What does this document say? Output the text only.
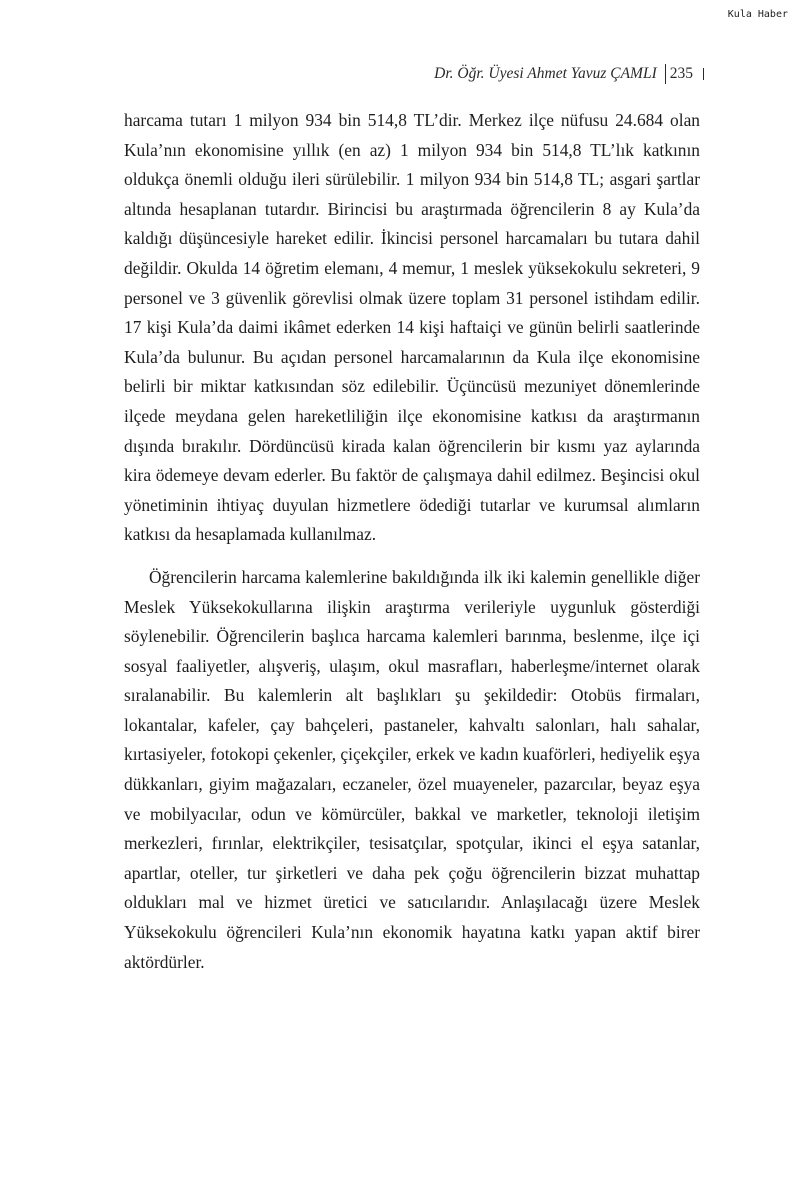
Kula Haber
Dr. Öğr. Üyesi Ahmet Yavuz ÇAMLI 235

harcama tutarı 1 milyon 934 bin 514,8 TL’dir. Merkez ilçe nüfusu 24.684 olan Kula’nın ekonomisine yıllık (en az) 1 milyon 934 bin 514,8 TL’lık katkının oldukça önemli olduğu ileri sürülebilir. 1 milyon 934 bin 514,8 TL; asgari şartlar altında hesaplanan tutardır. Birincisi bu araştırmada öğrencilerin 8 ay Kula’da kaldığı düşüncesiyle hareket edilir. İkincisi personel harcamaları bu tutara dahil değildir. Okulda 14 öğretim elemanı, 4 memur, 1 meslek yüksekokulu sekreteri, 9 personel ve 3 güvenlik görevlisi olmak üzere toplam 31 personel istihdam edilir. 17 kişi Kula’da daimi ikâmet ederken 14 kişi haftaiçi ve günün belirli saatlerinde Kula’da bulunur. Bu açıdan personel harcamalarının da Kula ilçe ekonomisine belirli bir miktar katkısından söz edilebilir. Üçüncüsü mezuniyet dönemlerinde ilçede meydana gelen hareketliliğin ilçe ekonomisine katkısı da araştırmanın dışında bırakılır. Dördüncüsü kirada kalan öğrencilerin bir kısmı yaz aylarında kira ödemeye devam ederler. Bu faktör de çalışmaya dahil edilmez. Beşincisi okul yönetiminin ihtiyaç duyulan hizmetlere ödediği tutarlar ve kurumsal alımların katkısı da hesaplamada kullanılmaz.

Öğrencilerin harcama kalemlerine bakıldığında ilk iki kalemin genellikle diğer Meslek Yüksekokullarına ilişkin araştırma verileriyle uygunluk gösterdiği söylenebilir. Öğrencilerin başlıca harcama kalemleri barınma, beslenme, ilçe içi sosyal faaliyetler, alışveriş, ulaşım, okul masrafları, haberleşme/internet olarak sıralanabilir. Bu kalemlerin alt başlıkları şu şekildedir: Otobüs firmaları, lokantalar, kafeler, çay bahçeleri, pastaneler, kahvaltı salonları, halı sahalar, kırtasiyeler, fotokopi çekenler, çiçekçiler, erkek ve kadın kuaförleri, hediyelik eşya dükkanları, giyim mağazaları, eczaneler, özel muayeneler, pazarcılar, beyaz eşya ve mobilyacılar, odun ve kömürcüler, bakkal ve marketler, teknoloji iletişim merkezleri, fırınlar, elektrikçiler, tesisatçılar, spotçular, ikinci el eşya satanlar, apartlar, oteller, tur şirketleri ve daha pek çoğu öğrencilerin bizzat muhattap oldukları mal ve hizmet üretici ve satıcılarıdır. Anlaşılacağı üzere Meslek Yüksekokulu öğrencileri Kula’nın ekonomik hayatına katkı yapan aktif birer aktördürler.
